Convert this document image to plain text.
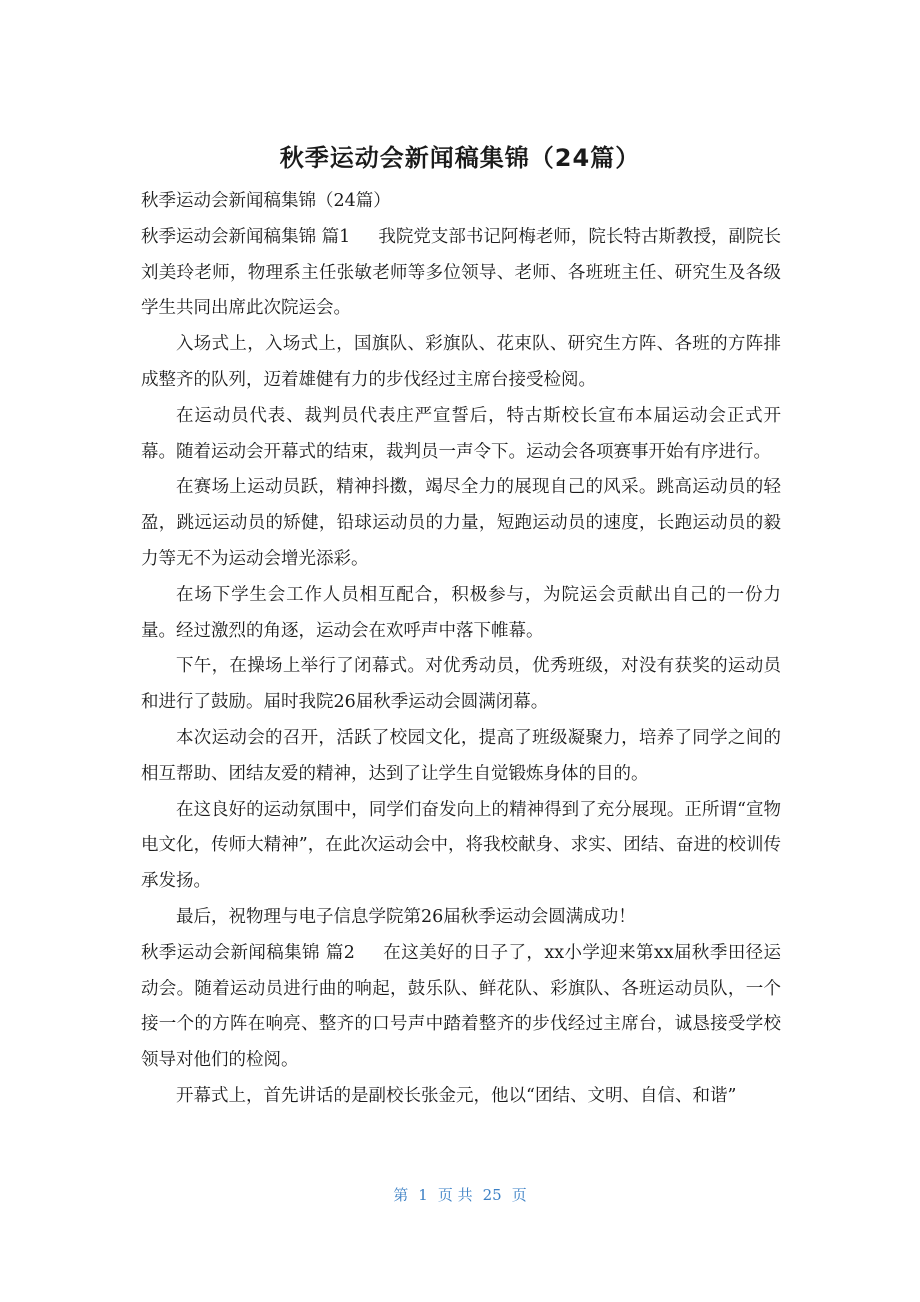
秋季运动会新闻稿集锦（24篇）

秋季运动会新闻稿集锦（24篇）

秋季运动会新闻稿集锦 篇1 我院党支部书记阿梅老师，院长特古斯教授，副院长刘美玲老师，物理系主任张敏老师等多位领导、老师、各班班主任、研究生及各级学生共同出席此次院运会。

入场式上，入场式上，国旗队、彩旗队、花束队、研究生方阵、各班的方阵排成整齐的队列，迈着雄健有力的步伐经过主席台接受检阅。

在运动员代表、裁判员代表庄严宣誓后，特古斯校长宣布本届运动会正式开幕。随着运动会开幕式的结束，裁判员一声令下。运动会各项赛事开始有序进行。

在赛场上运动员跃，精神抖擞，竭尽全力的展现自己的风采。跳高运动员的轻盈，跳远运动员的矫健，铅球运动员的力量，短跑运动员的速度，长跑运动员的毅力等无不为运动会增光添彩。

在场下学生会工作人员相互配合，积极参与，为院运会贡献出自己的一份力量。经过激烈的角逐，运动会在欢呼声中落下帷幕。

下午，在操场上举行了闭幕式。对优秀动员，优秀班级，对没有获奖的运动员和进行了鼓励。届时我院26届秋季运动会圆满闭幕。

本次运动会的召开，活跃了校园文化，提高了班级凝聚力，培养了同学之间的相互帮助、团结友爱的精神，达到了让学生自觉锻炼身体的目的。

在这良好的运动氛围中，同学们奋发向上的精神得到了充分展现。正所谓“宣物电文化，传师大精神”，在此次运动会中，将我校献身、求实、团结、奋进的校训传承发扬。

最后，祝物理与电子信息学院第26届秋季运动会圆满成功！

秋季运动会新闻稿集锦 篇2 在这美好的日子了，xx小学迎来第xx届秋季田径运动会。随着运动员进行曲的响起，鼓乐队、鲜花队、彩旗队、各班运动员队，一个接一个的方阵在响亮、整齐的口号声中踏着整齐的步伐经过主席台，诚恳接受学校领导对他们的检阅。

开幕式上，首先讲话的是副校长张金元，他以“团结、文明、自信、和谐”

第 1 页 共 25 页
